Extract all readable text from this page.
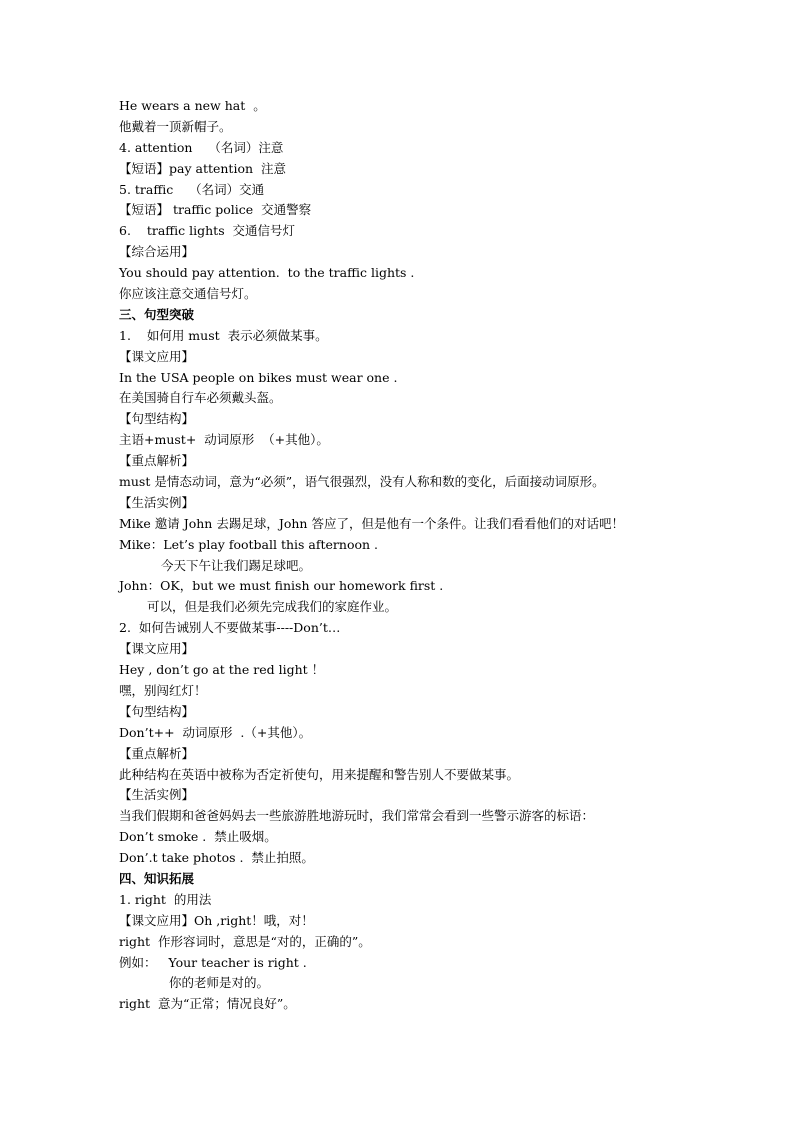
He wears a new hat  。
他戴着一顶新帽子。
4. attention    （名词）注意
【短语】pay attention  注意
5. traffic    （名词）交通
【短语】 traffic police  交通警察
6.    traffic lights  交通信号灯
【综合运用】
You should pay attention.  to the traffic lights .
你应该注意交通信号灯。
三、句型突破
1.    如何用 must  表示必须做某事。
【课文应用】
In the USA people on bikes must wear one .
在美国骑自行车必须戴头盔。
【句型结构】
主语+must+  动词原形  （+其他）。
【重点解析】
must 是情态动词，意为“必须”，语气很强烈，没有人称和数的变化，后面接动词原形。
【生活实例】
Mike 邀请 John 去踢足球，John 答应了，但是他有一个条件。让我们看看他们的对话吧！
Mike：Let’s play football this afternoon .
今天下午让我们踢足球吧。
John：OK，but we must finish our homework first .
可以，但是我们必须先完成我们的家庭作业。
2.  如何告诫别人不要做某事----Don’t…
【课文应用】
Hey , don’t go at the red light ！
嘿，别闯红灯！
【句型结构】
Don’t++  动词原形  .（+其他）。
【重点解析】
此种结构在英语中被称为否定祈使句，用来提醒和警告别人不要做某事。
【生活实例】
当我们假期和爸爸妈妈去一些旅游胜地游玩时，我们常常会看到一些警示游客的标语：
Don’t smoke .  禁止吸烟。
Don’.t take photos .  禁止拍照。
四、知识拓展
1. right  的用法
【课文应用】Oh ,right！哦，对！
right  作形容词时，意思是“对的，正确的”。
例如：   Your teacher is right .
你的老师是对的。
right  意为“正常；情况良好”。
